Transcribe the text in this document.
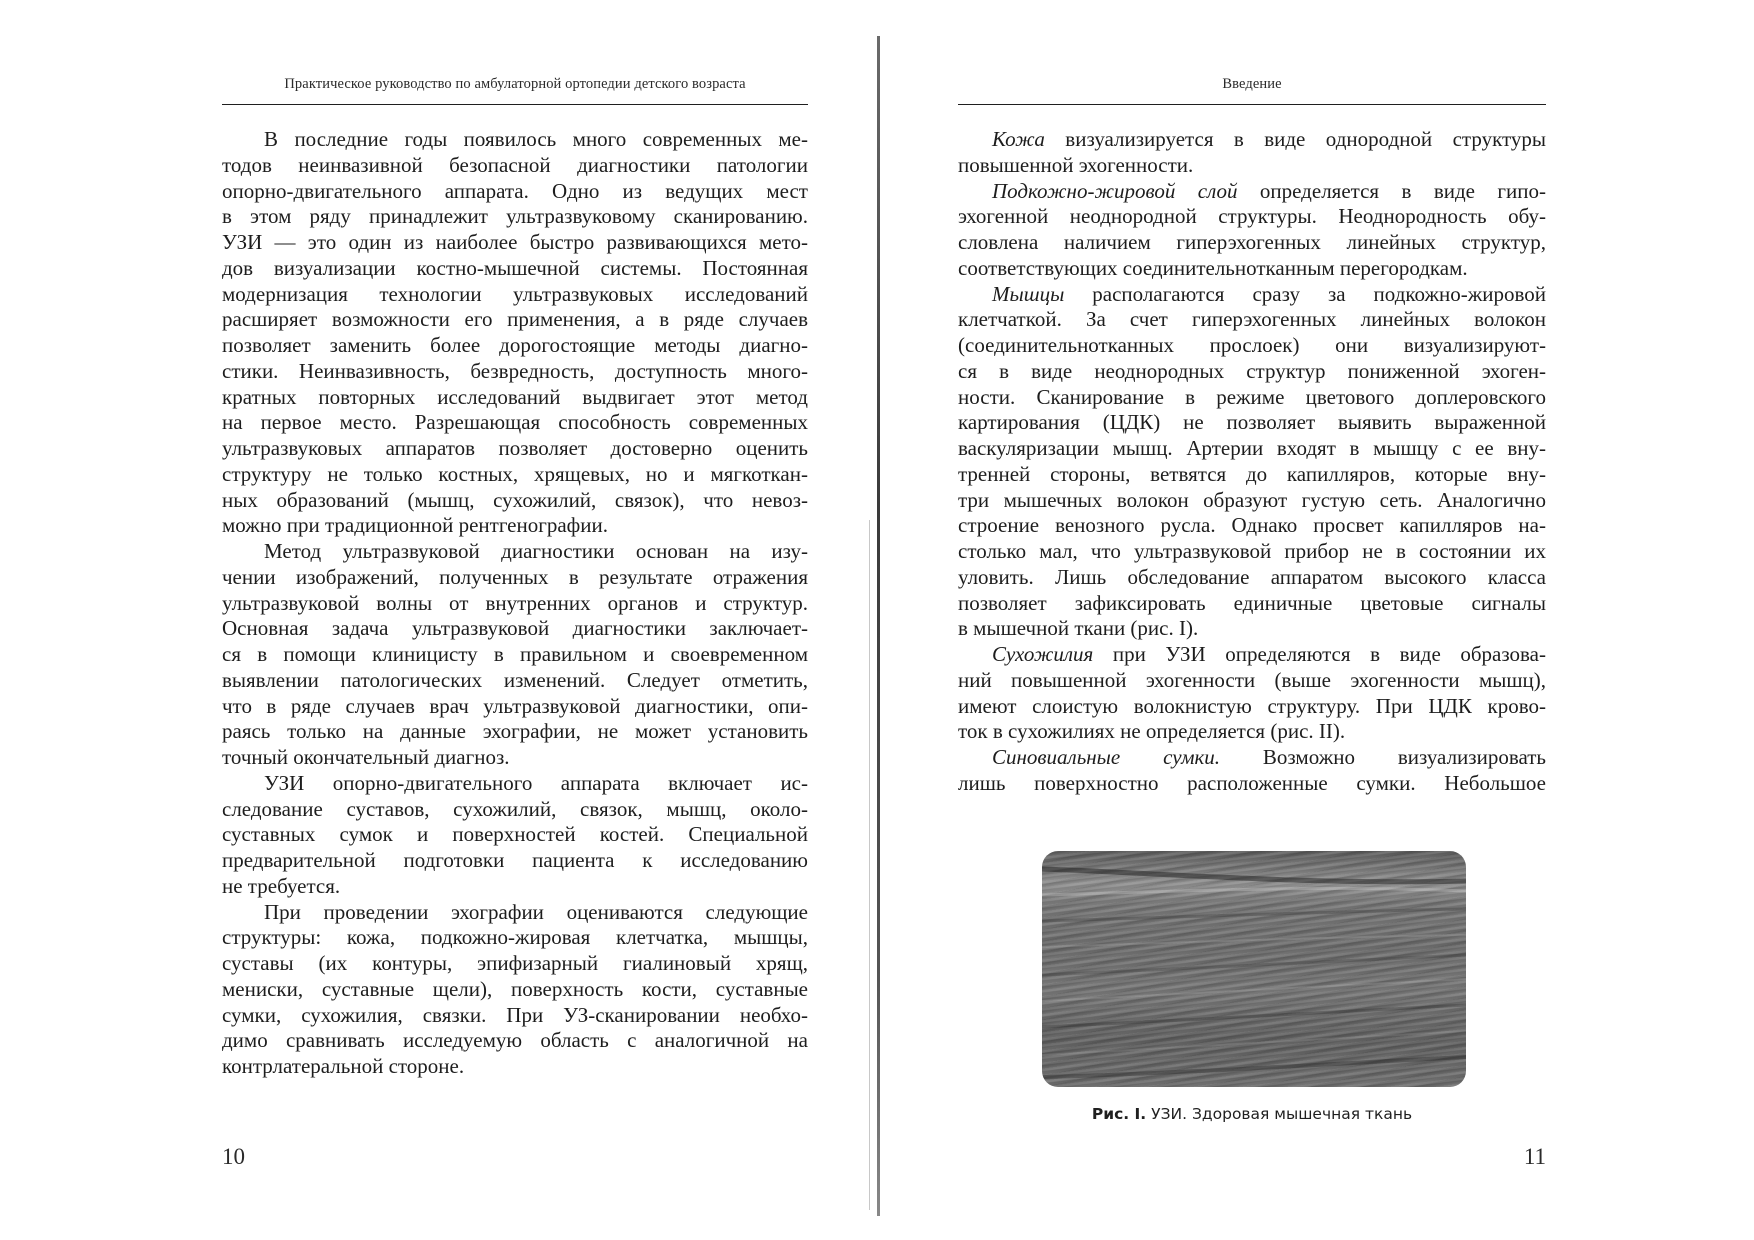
Практическое руководство по амбулаторной ортопедии детского возраста

В последние годы появилось много современных ме-
тодов неинвазивной безопасной диагностики патологии
опорно-двигательного аппарата. Одно из ведущих мест
в этом ряду принадлежит ультразвуковому сканированию.
УЗИ — это один из наиболее быстро развивающихся мето-
дов визуализации костно-мышечной системы. Постоянная
модернизация технологии ультразвуковых исследований
расширяет возможности его применения, а в ряде случаев
позволяет заменить более дорогостоящие методы диагно-
стики. Неинвазивность, безвредность, доступность много-
кратных повторных исследований выдвигает этот метод
на первое место. Разрешающая способность современных
ультразвуковых аппаратов позволяет достоверно оценить
структуру не только костных, хрящевых, но и мягкоткан-
ных образований (мышц, сухожилий, связок), что невоз-
можно при традиционной рентгенографии.

Метод ультразвуковой диагностики основан на изу-
чении изображений, полученных в результате отражения
ультразвуковой волны от внутренних органов и структур.
Основная задача ультразвуковой диагностики заключает-
ся в помощи клиницисту в правильном и своевременном
выявлении патологических изменений. Следует отметить,
что в ряде случаев врач ультразвуковой диагностики, опи-
раясь только на данные эхографии, не может установить
точный окончательный диагноз.

УЗИ опорно-двигательного аппарата включает ис-
следование суставов, сухожилий, связок, мышц, около-
суставных сумок и поверхностей костей. Специальной
предварительной подготовки пациента к исследованию
не требуется.

При проведении эхографии оцениваются следующие
структуры: кожа, подкожно-жировая клетчатка, мышцы,
суставы (их контуры, эпифизарный гиалиновый хрящ,
мениски, суставные щели), поверхность кости, суставные
сумки, сухожилия, связки. При УЗ-сканировании необхо-
димо сравнивать исследуемую область с аналогичной на
контрлатеральной стороне.

10
Введение

Кожа визуализируется в виде однородной структуры
повышенной эхогенности.

Подкожно-жировой слой определяется в виде гипо-
эхогенной неоднородной структуры. Неоднородность обу-
словлена наличием гиперэхогенных линейных структур,
соответствующих соединительнотканным перегородкам.

Мышцы располагаются сразу за подкожно-жировой
клетчаткой. За счет гиперэхогенных линейных волокон
(соединительнотканных прослоек) они визуализируют-
ся в виде неоднородных структур пониженной эхоген-
ности. Сканирование в режиме цветового доплеровского
картирования (ЦДК) не позволяет выявить выраженной
васкуляризации мышц. Артерии входят в мышцу с ее вну-
тренней стороны, ветвятся до капилляров, которые вну-
три мышечных волокон образуют густую сеть. Аналогично
строение венозного русла. Однако просвет капилляров на-
столько мал, что ультразвуковой прибор не в состоянии их
уловить. Лишь обследование аппаратом высокого класса
позволяет зафиксировать единичные цветовые сигналы
в мышечной ткани (рис. I).

Сухожилия при УЗИ определяются в виде образова-
ний повышенной эхогенности (выше эхогенности мышц),
имеют слоистую волокнистую структуру. При ЦДК крово-
ток в сухожилиях не определяется (рис. II).

Синовиальные сумки. Возможно визуализировать
лишь поверхностно расположенные сумки. Небольшое

Рис. I. УЗИ. Здоровая мышечная ткань
11
